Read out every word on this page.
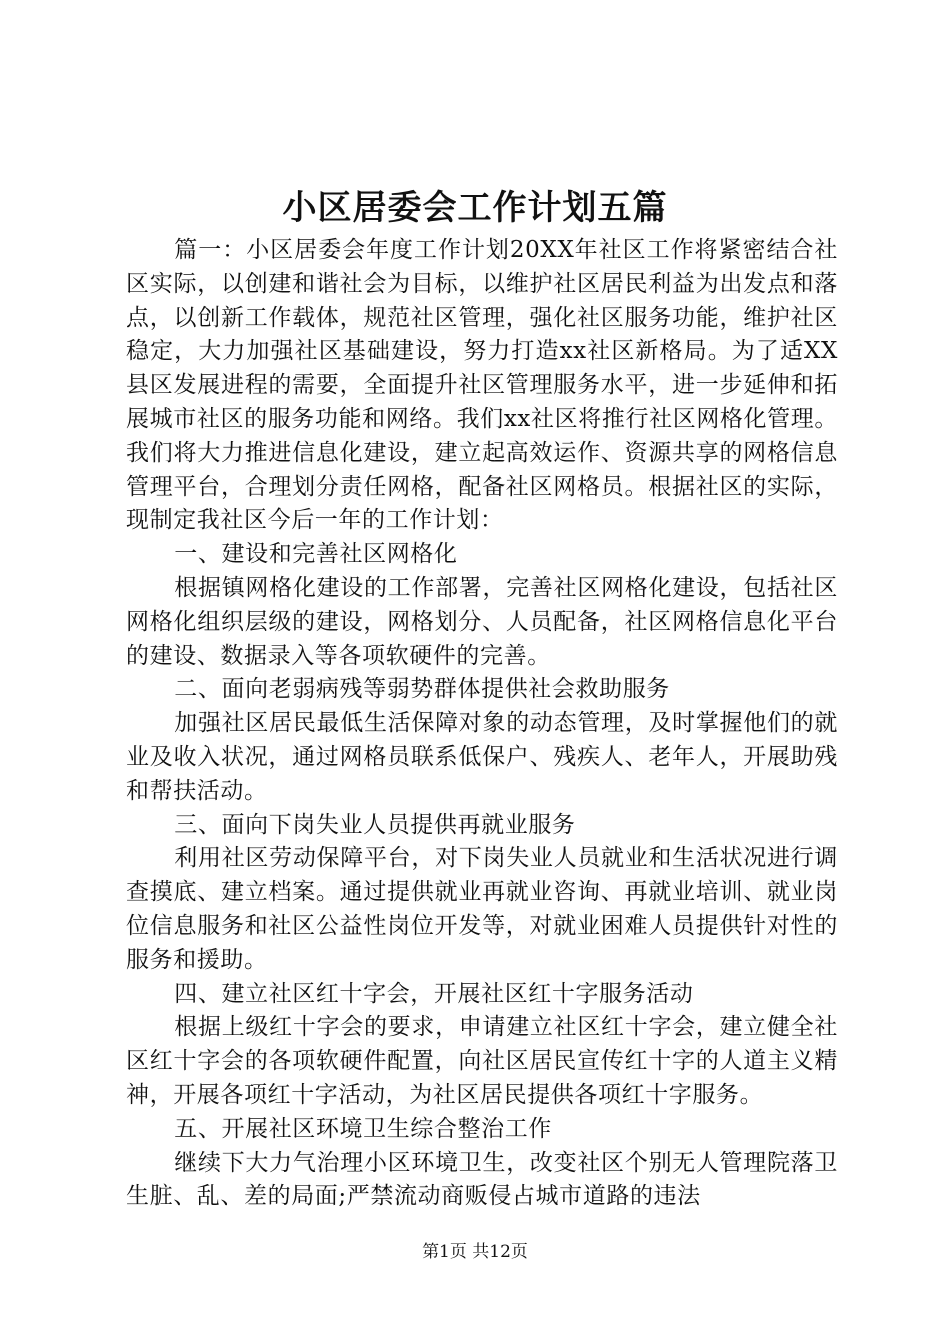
小区居委会工作计划五篇

篇一：小区居委会年度工作计划20XX年社区工作将紧密结合社区实际，以创建和谐社会为目标，以维护社区居民利益为出发点和落点，以创新工作载体，规范社区管理，强化社区服务功能，维护社区稳定，大力加强社区基础建设，努力打造xx社区新格局。为了适XX县区发展进程的需要，全面提升社区管理服务水平，进一步延伸和拓展城市社区的服务功能和网络。我们xx社区将推行社区网格化管理。我们将大力推进信息化建设，建立起高效运作、资源共享的网格信息管理平台，合理划分责任网格，配备社区网格员。根据社区的实际，现制定我社区今后一年的工作计划：

一、建设和完善社区网格化

根据镇网格化建设的工作部署，完善社区网格化建设，包括社区网格化组织层级的建设，网格划分、人员配备，社区网格信息化平台的建设、数据录入等各项软硬件的完善。

二、面向老弱病残等弱势群体提供社会救助服务

加强社区居民最低生活保障对象的动态管理，及时掌握他们的就业及收入状况，通过网格员联系低保户、残疾人、老年人，开展助残和帮扶活动。

三、面向下岗失业人员提供再就业服务

利用社区劳动保障平台，对下岗失业人员就业和生活状况进行调查摸底、建立档案。通过提供就业再就业咨询、再就业培训、就业岗位信息服务和社区公益性岗位开发等，对就业困难人员提供针对性的服务和援助。

四、建立社区红十字会，开展社区红十字服务活动

根据上级红十字会的要求，申请建立社区红十字会，建立健全社区红十字会的各项软硬件配置，向社区居民宣传红十字的人道主义精神，开展各项红十字活动，为社区居民提供各项红十字服务。

五、开展社区环境卫生综合整治工作

继续下大力气治理小区环境卫生，改变社区个别无人管理院落卫生脏、乱、差的局面;严禁流动商贩侵占城市道路的违法

第1页 共12页
